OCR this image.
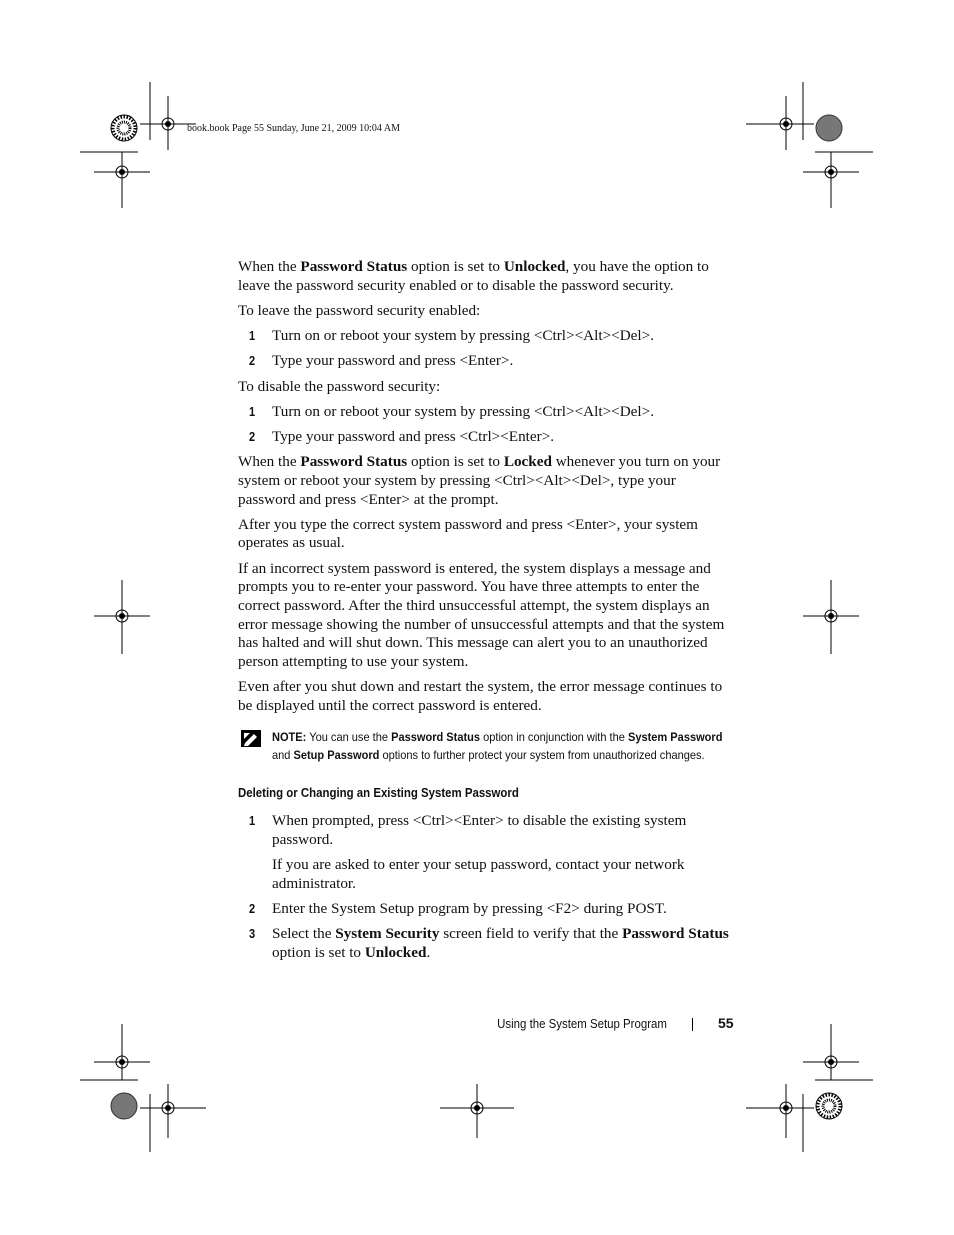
book.book Page 55 Sunday, June 21, 2009 10:04 AM

When the Password Status option is set to Unlocked, you have the option to leave the password security enabled or to disable the password security.

To leave the password security enabled:

1 Turn on or reboot your system by pressing <Ctrl><Alt><Del>.
2 Type your password and press <Enter>.

To disable the password security:

1 Turn on or reboot your system by pressing <Ctrl><Alt><Del>.
2 Type your password and press <Ctrl><Enter>.

When the Password Status option is set to Locked whenever you turn on your system or reboot your system by pressing <Ctrl><Alt><Del>, type your password and press <Enter> at the prompt.

After you type the correct system password and press <Enter>, your system operates as usual.

If an incorrect system password is entered, the system displays a message and prompts you to re-enter your password. You have three attempts to enter the correct password. After the third unsuccessful attempt, the system displays an error message showing the number of unsuccessful attempts and that the system has halted and will shut down. This message can alert you to an unauthorized person attempting to use your system.

Even after you shut down and restart the system, the error message continues to be displayed until the correct password is entered.

NOTE: You can use the Password Status option in conjunction with the System Password and Setup Password options to further protect your system from unauthorized changes.
Deleting or Changing an Existing System Password
1 When prompted, press <Ctrl><Enter> to disable the existing system password.
If you are asked to enter your setup password, contact your network administrator.
2 Enter the System Setup program by pressing <F2> during POST.
3 Select the System Security screen field to verify that the Password Status option is set to Unlocked.
Using the System Setup Program	55
